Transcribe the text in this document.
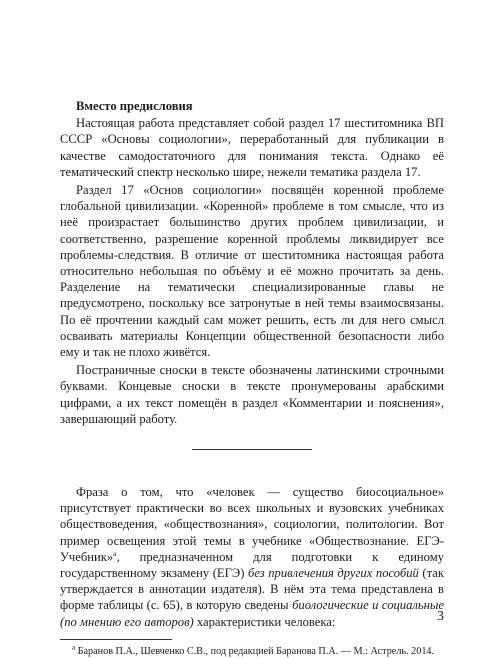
Вместо предисловия

Настоящая работа представляет собой раздел 17 шеститомника ВП СССР «Основы социологии», переработанный для публикации в качестве самодостаточного для понимания текста. Однако её тематический спектр несколько шире, нежели тематика раздела 17.

Раздел 17 «Основ социологии» посвящён коренной проблеме глобальной цивилизации. «Коренной» проблеме в том смысле, что из неё произрастает большинство других проблем цивилизации, и соответственно, разрешение коренной проблемы ликвидирует все проблемы-следствия. В отличие от шеститомника настоящая работа относительно небольшая по объёму и её можно прочитать за день. Разделение на тематически специализированные главы не предусмотрено, поскольку все затронутые в ней темы взаимосвязаны. По её прочтении каждый сам может решить, есть ли для него смысл осваивать материалы Концепции общественной безопасности либо ему и так не плохо живётся.

Постраничные сноски в тексте обозначены латинскими строчными буквами. Концевые сноски в тексте пронумерованы арабскими цифрами, а их текст помещён в раздел «Комментарии и пояснения», завершающий работу.

Фраза о том, что «человек — существо биосоциальное» присутствует практически во всех школьных и вузовских учебниках обществоведения, «обществознания», социологии, политологии. Вот пример освещения этой темы в учебнике «Обществознание. ЕГЭ-Учебник»$^a$, предназначенном для подготовки к единому государственному экзамену (ЕГЭ) без привлечения других пособий (так утверждается в аннотации издателя). В нём эта тема представлена в форме таблицы (с. 65), в которую сведены биологические и социальные (по мнению его авторов) характеристики человека:

$^a$ Баранов П.А., Шевченко С.В., под редакцией Баранова П.А. — М.: Астрель. 2014.

3
